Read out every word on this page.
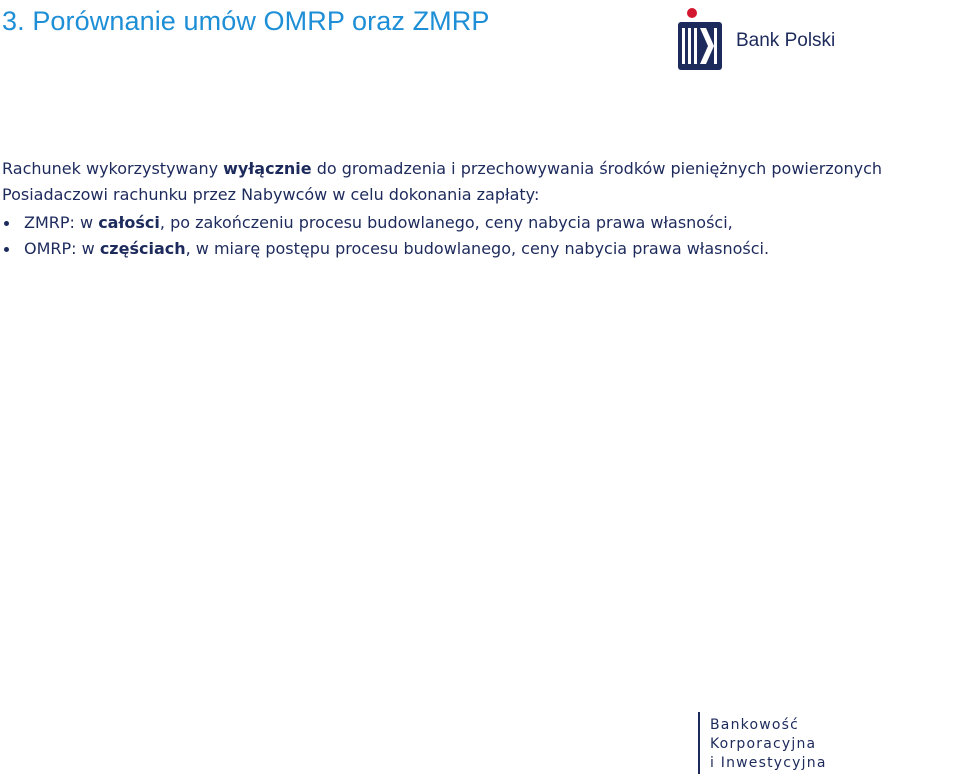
3. Porównanie umów OMRP oraz ZMRP
Bank Polski
Rachunek wykorzystywany wyłącznie do gromadzenia i przechowywania środków pieniężnych powierzonych Posiadaczowi rachunku przez Nabywców w celu dokonania zapłaty:
ZMRP: w całości, po zakończeniu procesu budowlanego, ceny nabycia prawa własności,
OMRP: w częściach, w miarę postępu procesu budowlanego, ceny nabycia prawa własności.
Bankowość
Korporacyjna
i Inwestycyjna
